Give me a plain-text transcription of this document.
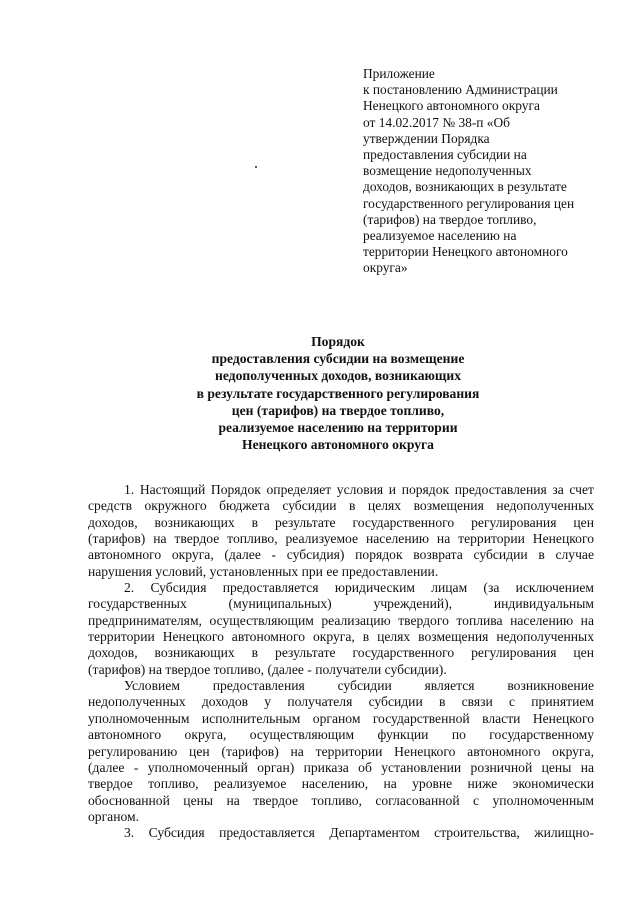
Приложение
к постановлению Администрации
Ненецкого автономного округа
от 14.02.2017 № 38-п «Об
утверждении Порядка
предоставления субсидии на
возмещение недополученных
доходов, возникающих в результате
государственного регулирования цен
(тарифов) на твердое топливо,
реализуемое населению на
территории Ненецкого автономного
округа»
Порядок
предоставления субсидии на возмещение
недополученных доходов, возникающих
в результате государственного регулирования
цен (тарифов) на твердое топливо,
реализуемое населению на территории
Ненецкого автономного округа
1. Настоящий Порядок определяет условия и порядок предоставления за счет
средств окружного бюджета субсидии в целях возмещения недополученных
доходов, возникающих в результате государственного регулирования цен
(тарифов) на твердое топливо, реализуемое населению на территории Ненецкого
автономного округа, (далее - субсидия) порядок возврата субсидии в случае
нарушения условий, установленных при ее предоставлении.
2. Субсидия предоставляется юридическим лицам (за исключением
государственных (муниципальных) учреждений), индивидуальным
предпринимателям, осуществляющим реализацию твердого топлива населению на
территории Ненецкого автономного округа, в целях возмещения недополученных
доходов, возникающих в результате государственного регулирования цен
(тарифов) на твердое топливо, (далее - получатели субсидии).
Условием предоставления субсидии является возникновение
недополученных доходов у получателя субсидии в связи с принятием
уполномоченным исполнительным органом государственной власти Ненецкого
автономного округа, осуществляющим функции по государственному
регулированию цен (тарифов) на территории Ненецкого автономного округа,
(далее - уполномоченный орган) приказа об установлении розничной цены на
твердое топливо, реализуемое населению, на уровне ниже экономически
обоснованной цены на твердое топливо, согласованной с уполномоченным
органом.
3. Субсидия предоставляется Департаментом строительства, жилищно-
